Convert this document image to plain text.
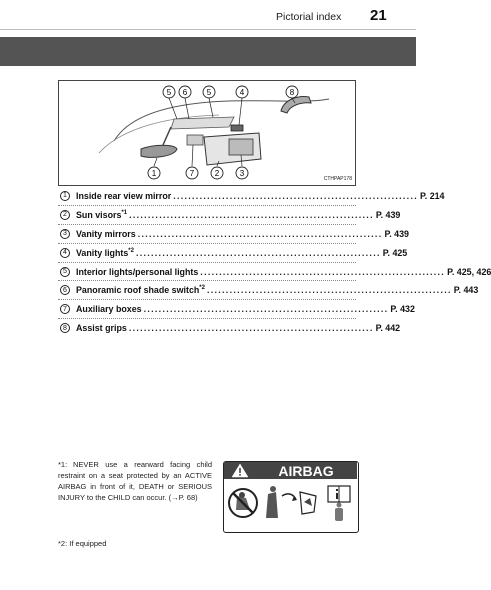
Pictorial index 21
5 6 5	4	8
1	7	2	3
CTHPAP178
1	Inside rear view mirror ................................................................. P. 214
2	Sun visors$^{*1}$ ................................................................. P. 439
3	Vanity mirrors ................................................................. P. 439
4	Vanity lights$^{*2}$ ................................................................. P. 425
5	Interior lights/personal lights ................................................................. P. 425, 426
6	Panoramic roof shade switch$^{*2}$ ................................................................. P. 443
7	Auxiliary boxes ................................................................. P. 432
8	Assist grips ................................................................. P. 442
*1: NEVER use a rearward facing child restraint on a seat protected by an ACTIVE AIRBAG in front of it, DEATH or SERIOUS INJURY to the CHILD can occur. (→P. 68)
AIRBAG
*2: If equipped
